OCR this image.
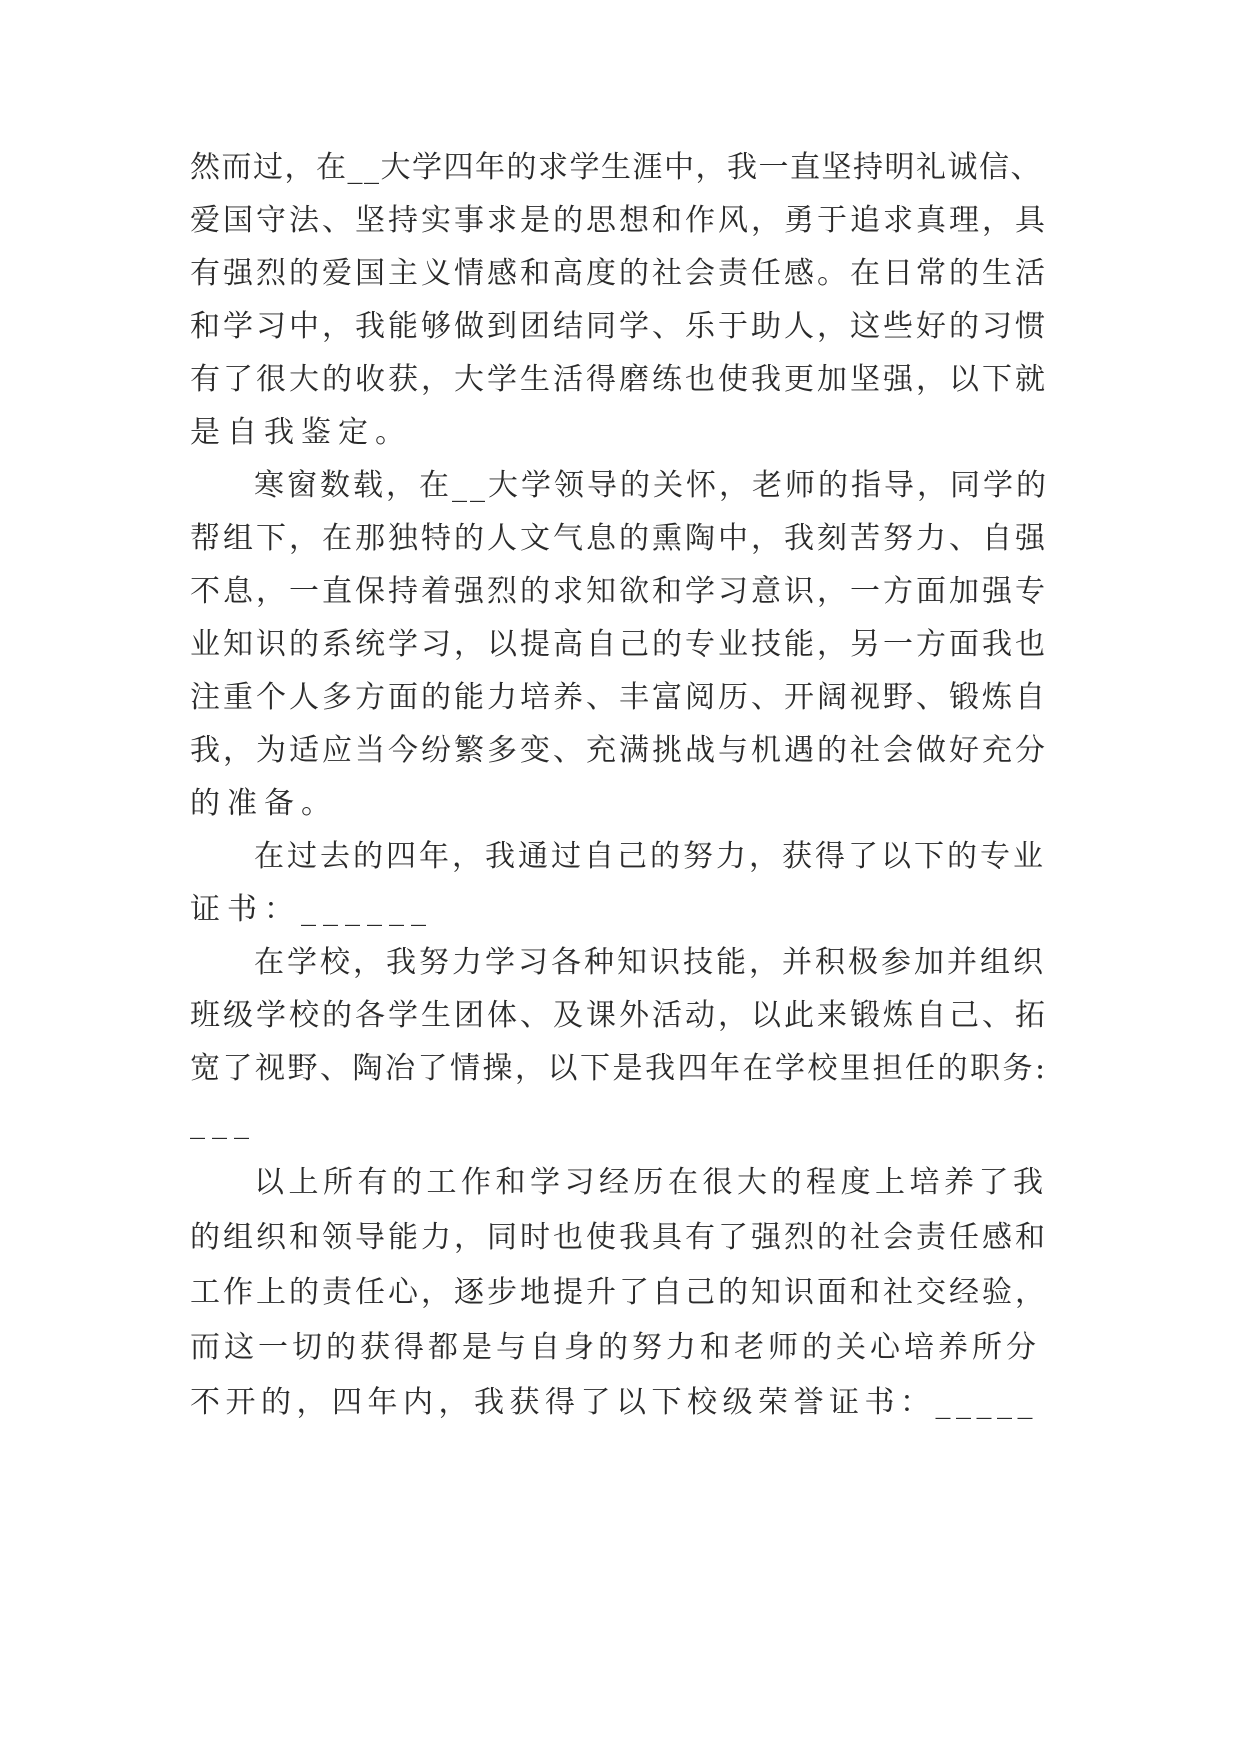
然而过，在__大学四年的求学生涯中，我一直坚持明礼诚信、
爱国守法、坚持实事求是的思想和作风，勇于追求真理，具
有强烈的爱国主义情感和高度的社会责任感。在日常的生活
和学习中，我能够做到团结同学、乐于助人，这些好的习惯
有了很大的收获，大学生活得磨练也使我更加坚强，以下就
是自我鉴定。
寒窗数载，在__大学领导的关怀，老师的指导，同学的
帮组下，在那独特的人文气息的熏陶中，我刻苦努力、自强
不息，一直保持着强烈的求知欲和学习意识，一方面加强专
业知识的系统学习，以提高自己的专业技能，另一方面我也
注重个人多方面的能力培养、丰富阅历、开阔视野、锻炼自
我，为适应当今纷繁多变、充满挑战与机遇的社会做好充分
的准备。
在过去的四年，我通过自己的努力，获得了以下的专业
证书：______
在学校，我努力学习各种知识技能，并积极参加并组织
班级学校的各学生团体、及课外活动，以此来锻炼自己、拓
宽了视野、陶冶了情操，以下是我四年在学校里担任的职务:
___
以上所有的工作和学习经历在很大的程度上培养了我
的组织和领导能力，同时也使我具有了强烈的社会责任感和
工作上的责任心，逐步地提升了自己的知识面和社交经验，
而这一切的获得都是与自身的努力和老师的关心培养所分
不开的，四年内，我获得了以下校级荣誉证书：_____
